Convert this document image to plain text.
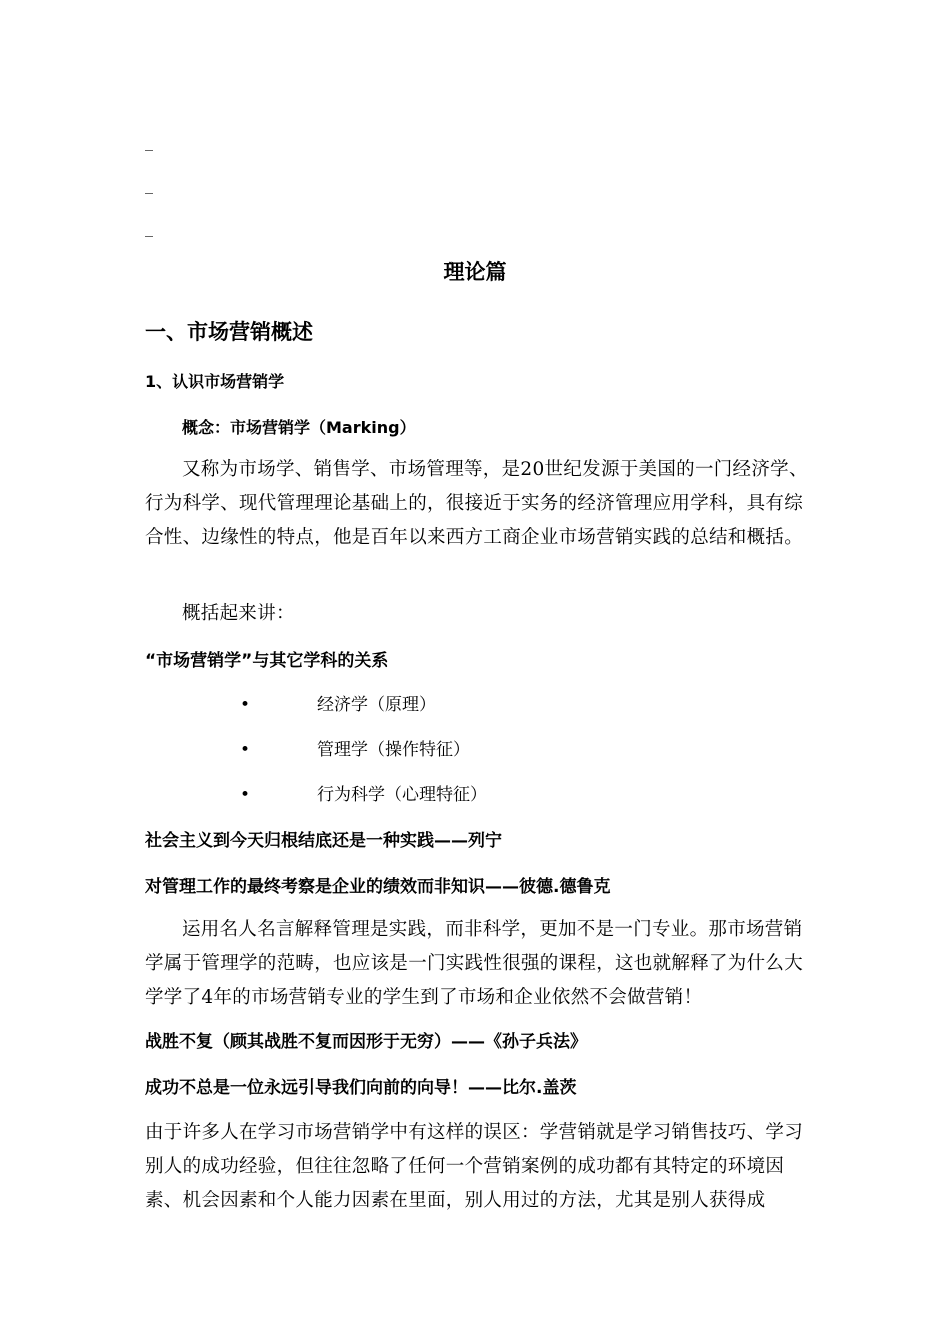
_
_
_
理论篇
一、市场营销概述
1、认识市场营销学
概念：市场营销学（Marking）
又称为市场学、销售学、市场管理等，是20世纪发源于美国的一门经济学、行为科学、现代管理理论基础上的，很接近于实务的经济管理应用学科，具有综合性、边缘性的特点，他是百年以来西方工商企业市场营销实践的总结和概括。
概括起来讲：
“市场营销学”与其它学科的关系
•	经济学（原理）
•	管理学（操作特征）
•	行为科学（心理特征）
社会主义到今天归根结底还是一种实践——列宁
对管理工作的最终考察是企业的绩效而非知识——彼德.德鲁克
运用名人名言解释管理是实践，而非科学，更加不是一门专业。那市场营销学属于管理学的范畴，也应该是一门实践性很强的课程，这也就解释了为什么大学学了4年的市场营销专业的学生到了市场和企业依然不会做营销！
战胜不复（顾其战胜不复而因形于无穷）——《孙子兵法》
成功不总是一位永远引导我们向前的向导！——比尔.盖茨
由于许多人在学习市场营销学中有这样的误区：学营销就是学习销售技巧、学习别人的成功经验，但往往忽略了任何一个营销案例的成功都有其特定的环境因素、机会因素和个人能力因素在里面，别人用过的方法，尤其是别人获得成
